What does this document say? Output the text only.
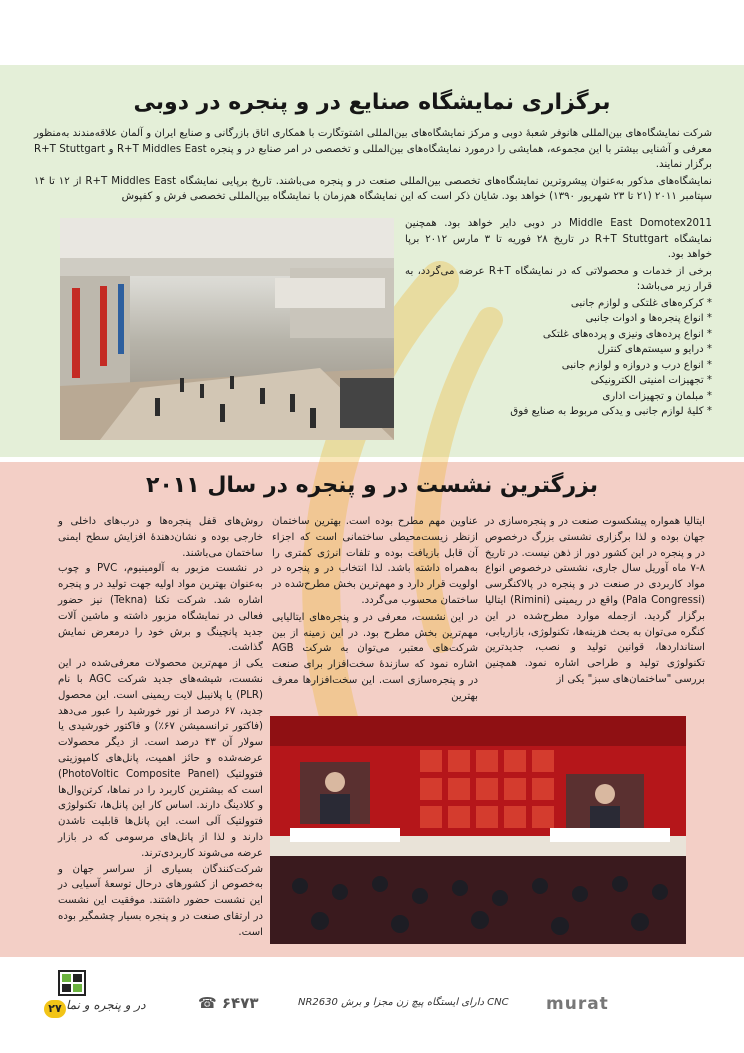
برگزاری نمایشگاه صنایع در و پنجره در دوبی

شرکت نمایشگاه‌های بین‌المللی هانوفر شعبهٔ دوبی و مرکز نمایشگاه‌های بین‌المللی اشتوتگارت با همکاری اتاق بازرگانی و صنایع ایران و آلمان علاقه‌مندند به‌منظور معرفی و آشنایی بیشتر با این مجموعه، همایشی را درمورد نمایشگاه‌های بین‌المللی و تخصصی در امر صنایع در و پنجره R+T Middles East و R+T Stuttgart برگزار نمایند.

نمایشگاه‌های مذکور به‌عنوان پیشروترین نمایشگاه‌های تخصصی بین‌المللی صنعت در و پنجره می‌باشند. تاریخ برپایی نمایشگاه R+T Middles East از ۱۲ تا ۱۴ سپتامبر ۲۰۱۱ (۲۱ تا ۲۳ شهریور ۱۳۹۰) خواهد بود. شایان ذکر است که این نمایشگاه هم‌زمان با نمایشگاه بین‌المللی تخصصی فرش و کفپوش

Middle East Domotex2011 در دوبی دایر خواهد بود. همچنین نمایشگاه R+T Stuttgart در تاریخ ۲۸ فوریه تا ۳ مارس ۲۰۱۲ برپا خواهد بود.

برخی از خدمات و محصولاتی که در نمایشگاه R+T عرضه می‌گردد، به قرار زیر می‌باشد:

* کرکره‌های غلتکی و لوازم جانبی
* انواع پنجره‌ها و ادوات جانبی
* انواع پرده‌های ونیزی و پرده‌های غلتکی
* درایو و سیستم‌های کنترل
* انواع درب و دروازه و لوازم جانبی
* تجهیزات امنیتی الکترونیکی
* مبلمان و تجهیزات اداری
* کلیهٔ لوازم جانبی و یدکی مربوط به صنایع فوق
بزرگترین نشست در و پنجره در سال ۲۰۱۱

ایتالیا همواره پیشکسوت صنعت در و پنجره‌سازی در جهان بوده و لذا برگزاری نشستی بزرگ درخصوص در و پنجره در این کشور دور از ذهن نیست. در تاریخ ۸-۷ ماه آوریل سال جاری، نشستی درخصوص انواع مواد کاربردی در صنعت در و پنجره در پالاکنگرسی (Pala Congressi) واقع در ریمینی (Rimini) ایتالیا برگزار گردید. ازجمله موارد مطرح‌شده در این کنگره می‌توان به بحث هزینه‌ها، تکنولوژی، بازاریابی، استانداردها، قوانین تولید و نصب، جدیدترین تکنولوژی تولید و طراحی اشاره نمود. همچنین بررسی "ساختمان‌های سبز" یکی از

عناوین مهم مطرح بوده است. بهترین ساختمان ازنظر زیست‌محیطی ساختمانی است که اجزاء آن قابل بازیافت بوده و تلفات انرژی کمتری را به‌همراه داشته باشد. لذا انتخاب در و پنجره در اولویت قرار دارد و مهم‌ترین بخش مطرح‌شده در ساختمان محسوب می‌گردد.

در این نشست، معرفی در و پنجره‌های ایتالیایی مهم‌ترین بخش مطرح بود. در این زمینه از بین شرکت‌های معتبر، می‌توان به شرکت AGB اشاره نمود که سازندهٔ سخت‌افزار برای صنعت در و پنجره‌سازی است. این سخت‌افزارها معرف بهترین

روش‌های قفل پنجره‌ها و درب‌های داخلی و خارجی بوده و نشان‌دهندهٔ افزایش سطح ایمنی ساختمان می‌باشند.

در نشست مزبور به آلومینیوم، PVC و چوب به‌عنوان بهترین مواد اولیه جهت تولید در و پنجره اشاره شد. شرکت تکنا (Tekna) نیز حضور فعالی در نمایشگاه مزبور داشته و ماشین آلات جدید پانچینگ و برش خود را درمعرض نمایش گذاشت.

یکی از مهم‌ترین محصولات معرفی‌شده در این نشست، شیشه‌های جدید شرکت AGC با نام (PLR) یا پلانیبل لایت ریمینی است. این محصول جدید، ۶۷ درصد از نور خورشید را عبور می‌دهد (فاکتور ترانسمیشن ۶۷٪) و فاکتور خورشیدی یا سولار آن ۴۳ درصد است. از دیگر محصولات عرضه‌شده و حائز اهمیت، پانل‌های کامپوزیتی فتوولتیک (PhotoVoltic Composite Panel) است که بیشترین کاربرد را در نماها، کرتن‌وال‌ها و کلادینگ دارند. اساس کار این پانل‌ها، تکنولوژی فتوولتیک آلی است. این پانل‌ها قابلیت تاشدن دارند و لذا از پانل‌های مرسومی که در بازار عرضه می‌شوند کاربردی‌ترند.

شرکت‌کنندگان بسیاری از سراسر جهان و به‌خصوص از کشورهای درحال توسعهٔ آسیایی در این نشست حضور داشتند. موفقیت این نشست در ارتقای صنعت در و پنجره بسیار چشمگیر بوده است.

☎ ۶۴۷۳	NR2630 دارای ایستگاه پیچ زن مجزا و برش CNC murat
۲۷ در و پنجره و نما
